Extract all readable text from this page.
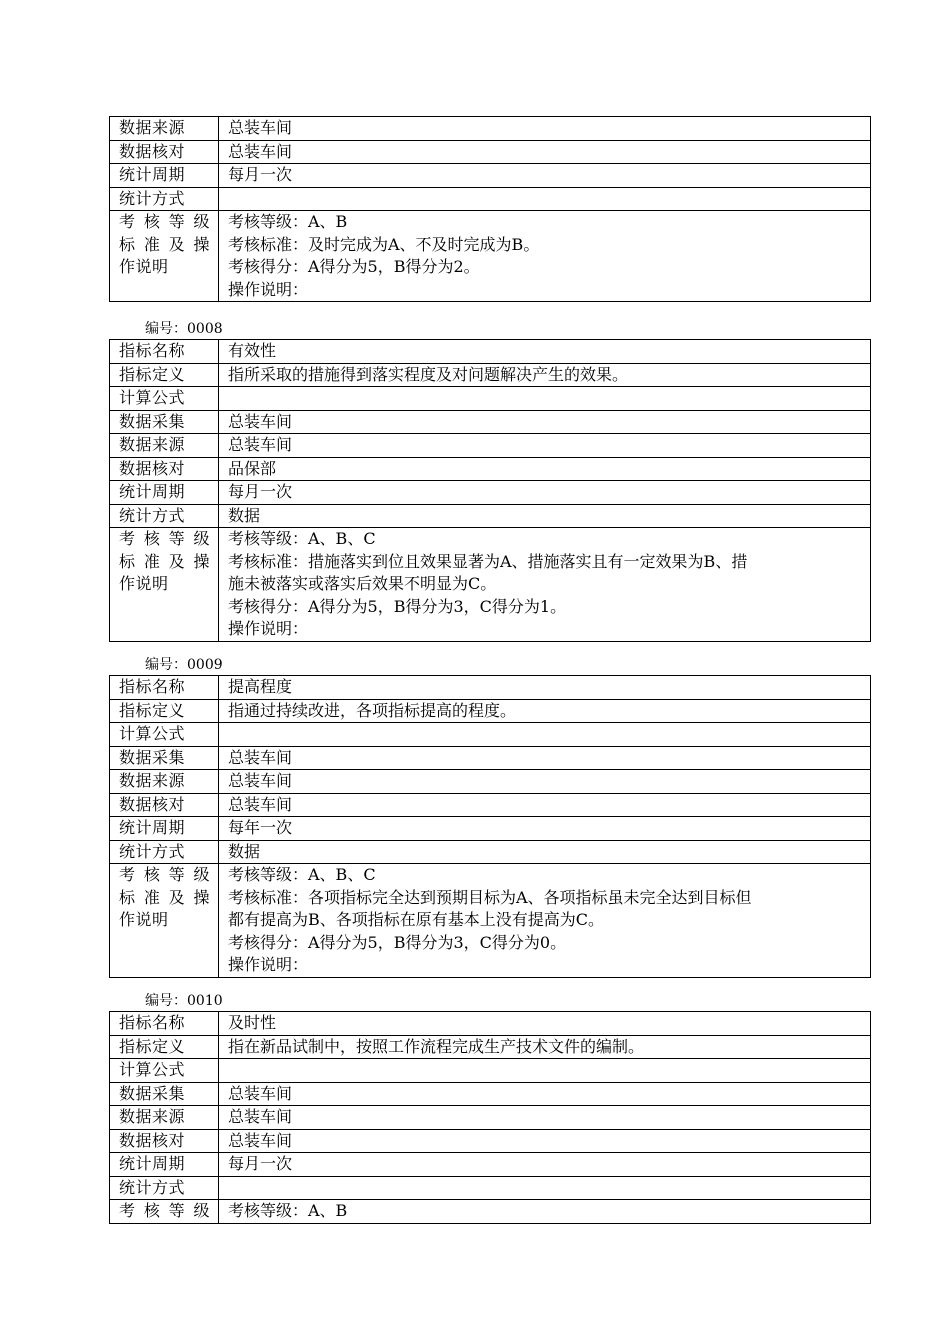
数据来源	总装车间
数据核对	总装车间
统计周期	每月一次
统计方式	

考核等级
标准及操
作说明	考核等级：A、B
考核标准：及时完成为A、不及时完成为B。
考核得分：A得分为5，B得分为2。
操作说明：
编号：0008
指标名称	有效性
指标定义	指所采取的措施得到落实程度及对问题解决产生的效果。
计算公式	
数据采集	总装车间
数据来源	总装车间
数据核对	品保部
统计周期	每月一次
统计方式	数据

考核等级
标准及操
作说明	考核等级：A、B、C
考核标准：措施落实到位且效果显著为A、措施落实且有一定效果为B、措
施未被落实或落实后效果不明显为C。
考核得分：A得分为5，B得分为3，C得分为1。
操作说明：
编号：0009
指标名称	提高程度
指标定义	指通过持续改进，各项指标提高的程度。
计算公式	
数据采集	总装车间
数据来源	总装车间
数据核对	总装车间
统计周期	每年一次
统计方式	数据

考核等级
标准及操
作说明	考核等级：A、B、C
考核标准：各项指标完全达到预期目标为A、各项指标虽未完全达到目标但
都有提高为B、各项指标在原有基本上没有提高为C。
考核得分：A得分为5，B得分为3，C得分为0。
操作说明：
编号：0010
指标名称	及时性
指标定义	指在新品试制中，按照工作流程完成生产技术文件的编制。
计算公式	
数据采集	总装车间
数据来源	总装车间
数据核对	总装车间
统计周期	每月一次
统计方式	

考核等级	考核等级：A、B
